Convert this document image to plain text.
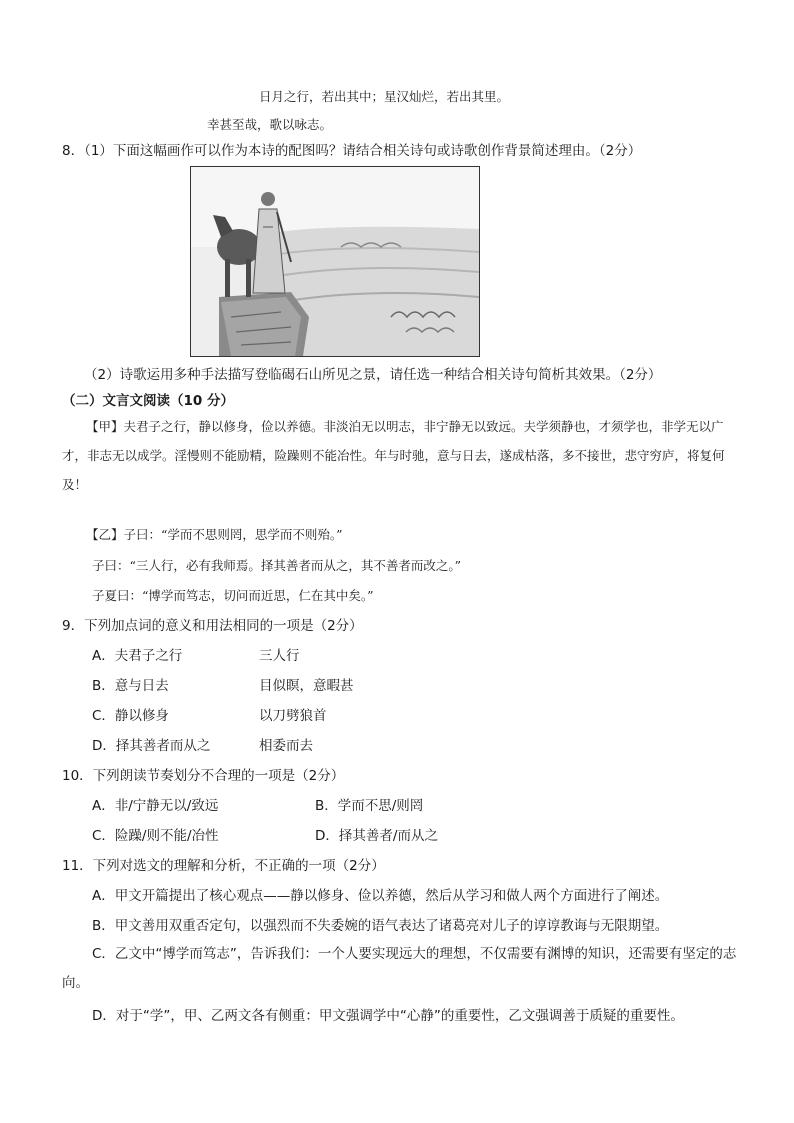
日月之行，若出其中；星汉灿烂，若出其里。
幸甚至哉，歌以咏志。
8．（1）下面这幅画作可以作为本诗的配图吗？请结合相关诗句或诗歌创作背景简述理由。（2分）
（2）诗歌运用多种手法描写登临碣石山所见之景，请任选一种结合相关诗句简析其效果。（2分）
（二）文言文阅读（10 分）
【甲】夫君子之行，静以修身，俭以养德。非淡泊无以明志，非宁静无以致远。夫学须静也，才须学也，非学无以广才，非志无以成学。淫慢则不能励精，险躁则不能冶性。年与时驰，意与日去，遂成枯落，多不接世，悲守穷庐，将复何及！
【乙】子曰：“学而不思则罔，思学而不则殆。”
子曰：“三人行，必有我师焉。择其善者而从之，其不善者而改之。”
子夏曰：“博学而笃志，切问而近思，仁在其中矣。”
9．下列加点词的意义和用法相同的一项是（2分）
A．夫君子之行	三人行
B．意与日去	目似瞑，意暇甚
C．静以修身	以刀劈狼首
D．择其善者而从之	相委而去
10．下列朗读节奏划分不合理的一项是（2分）
A．非/宁静无以/致远	B．学而不思/则罔
C．险躁/则不能/冶性	D．择其善者/而从之
11．下列对选文的理解和分析，不正确的一项（2分）
A．甲文开篇提出了核心观点——静以修身、俭以养德，然后从学习和做人两个方面进行了阐述。
B．甲文善用双重否定句，以强烈而不失委婉的语气表达了诸葛亮对儿子的谆谆教诲与无限期望。
C．乙文中“博学而笃志”，告诉我们：一个人要实现远大的理想，不仅需要有渊博的知识，还需要有坚定的志向。
D．对于“学”，甲、乙两文各有侧重：甲文强调学中“心静”的重要性，乙文强调善于质疑的重要性。
